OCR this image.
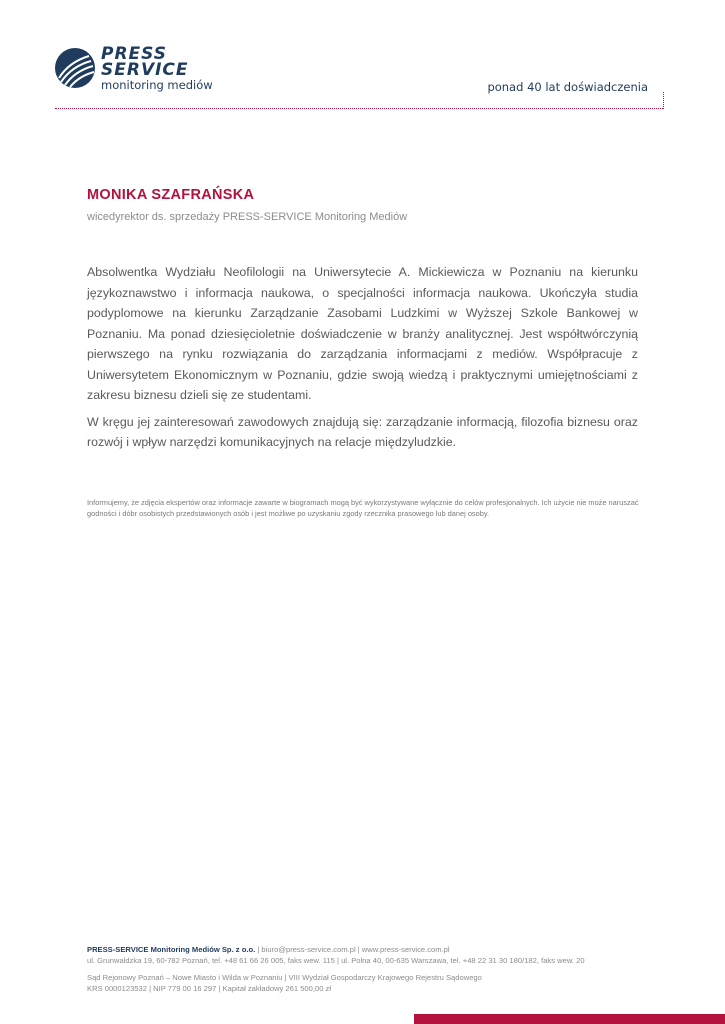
PRESS
SERVICE
monitoring mediów	ponad 40 lat doświadczenia
MONIKA SZAFRAŃSKA
wicedyrektor ds. sprzedaży PRESS-SERVICE Monitoring Mediów

Absolwentka Wydziału Neofilologii na Uniwersytecie A. Mickiewicza w Poznaniu na kierunku językoznawstwo i informacja naukowa, o specjalności informacja naukowa. Ukończyła studia podyplomowe na kierunku Zarządzanie Zasobami Ludzkimi w Wyższej Szkole Bankowej w Poznaniu. Ma ponad dziesięcioletnie doświadczenie w branży analitycznej. Jest współtwórczynią pierwszego na rynku rozwiązania do zarządzania informacjami z mediów. Współpracuje z Uniwersytetem Ekonomicznym w Poznaniu, gdzie swoją wiedzą i praktycznymi umiejętnościami z zakresu biznesu dzieli się ze studentami.

W kręgu jej zainteresowań zawodowych znajdują się: zarządzanie informacją, filozofia biznesu oraz rozwój i wpływ narzędzi komunikacyjnych na relacje międzyludzkie.

Informujemy, że zdjęcia ekspertów oraz informacje zawarte w biogramach mogą być wykorzystywane wyłącznie do celów profesjonalnych. Ich użycie nie może naruszać godności i dóbr osobistych przedstawionych osób i jest możliwe po uzyskaniu zgody rzecznika prasowego lub danej osoby.
PRESS-SERVICE Monitoring Mediów Sp. z o.o. | biuro@press-service.com.pl | www.press-service.com.pl
ul. Grunwaldzka 19, 60-782 Poznań, tel. +48 61 66 26 005, faks wew. 115 | ul. Polna 40, 00-635 Warszawa, tel. +48 22 31 30 180/182, faks wew. 20
Sąd Rejonowy Poznań – Nowe Miasto i Wilda w Poznaniu | VIII Wydział Gospodarczy Krajowego Rejestru Sądowego
KRS 0000123532 | NIP 779 00 16 297 | Kapitał zakładowy 261 500,00 zł
